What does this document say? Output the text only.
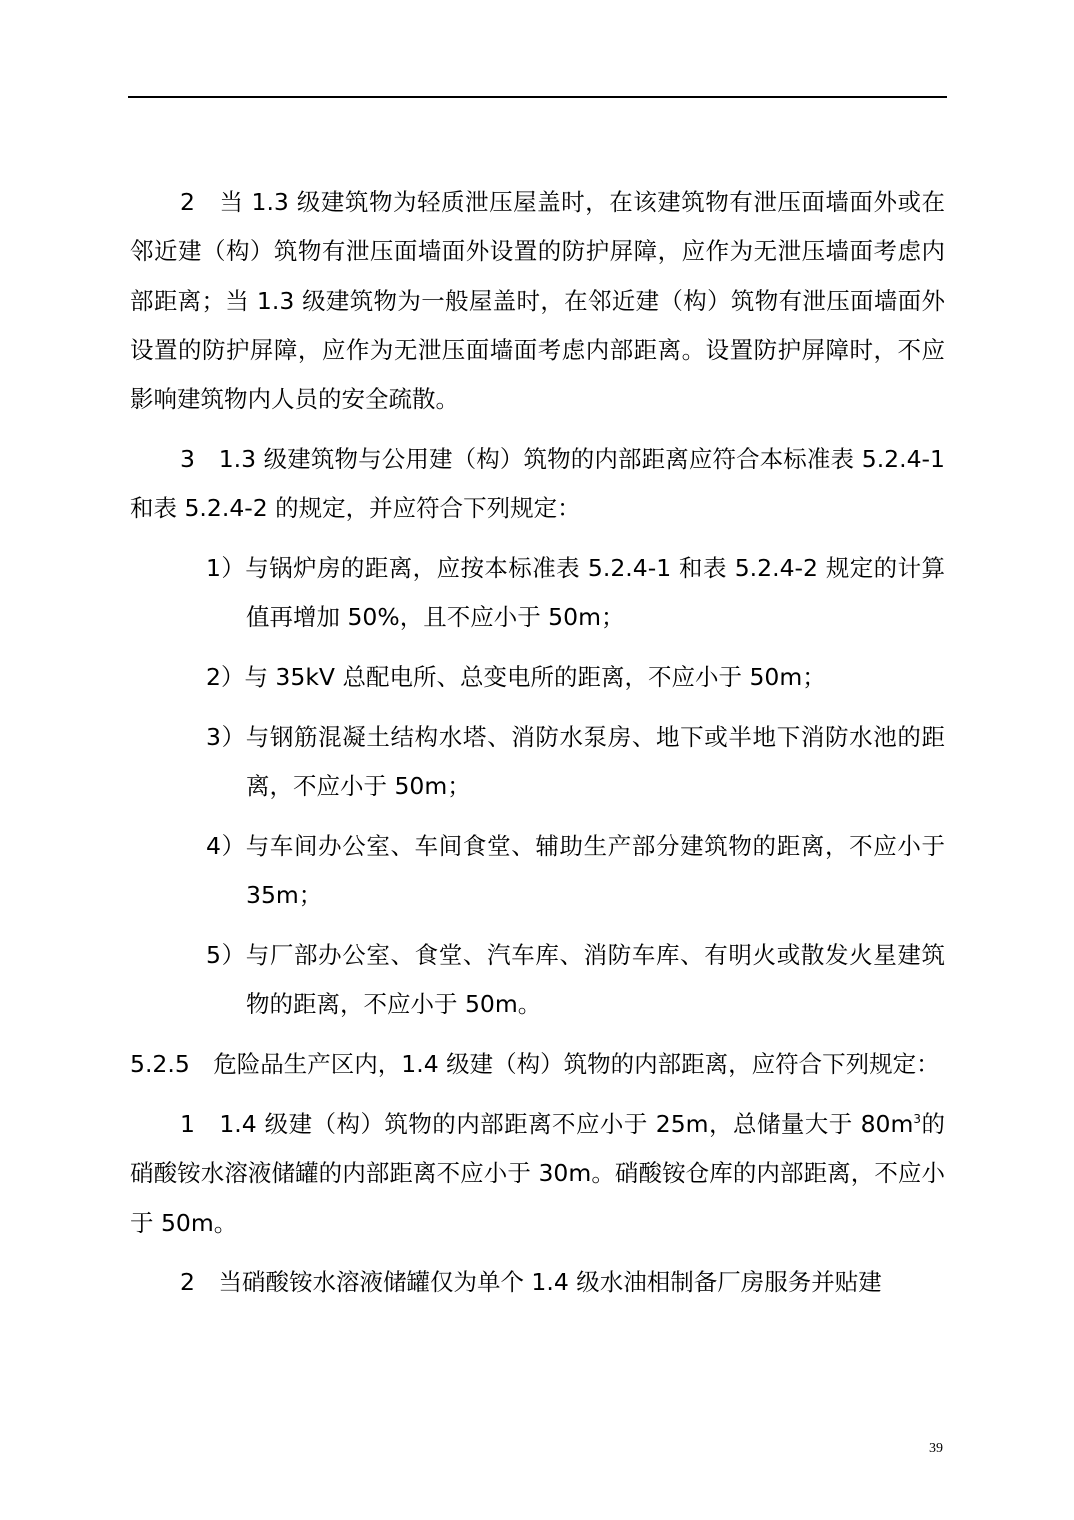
2　当 1.3 级建筑物为轻质泄压屋盖时，在该建筑物有泄压面墙面外或在邻近建（构）筑物有泄压面墙面外设置的防护屏障，应作为无泄压墙面考虑内部距离；当 1.3 级建筑物为一般屋盖时，在邻近建（构）筑物有泄压面墙面外设置的防护屏障，应作为无泄压面墙面考虑内部距离。设置防护屏障时，不应影响建筑物内人员的安全疏散。

3　1.3 级建筑物与公用建（构）筑物的内部距离应符合本标准表 5.2.4-1 和表 5.2.4-2 的规定，并应符合下列规定：

1）与锅炉房的距离，应按本标准表 5.2.4-1 和表 5.2.4-2 规定的计算值再增加 50%，且不应小于 50m；

2）与 35kV 总配电所、总变电所的距离，不应小于 50m；

3）与钢筋混凝土结构水塔、消防水泵房、地下或半地下消防水池的距离，不应小于 50m；

4）与车间办公室、车间食堂、辅助生产部分建筑物的距离，不应小于 35m；

5）与厂部办公室、食堂、汽车库、消防车库、有明火或散发火星建筑物的距离，不应小于 50m。

5.2.5　危险品生产区内，1.4 级建（构）筑物的内部距离，应符合下列规定：

1　1.4 级建（构）筑物的内部距离不应小于 25m，总储量大于 $80m^3$的硝酸铵水溶液储罐的内部距离不应小于 30m。硝酸铵仓库的内部距离，不应小于 50m。

2　当硝酸铵水溶液储罐仅为单个 1.4 级水油相制备厂房服务并贴建

39
